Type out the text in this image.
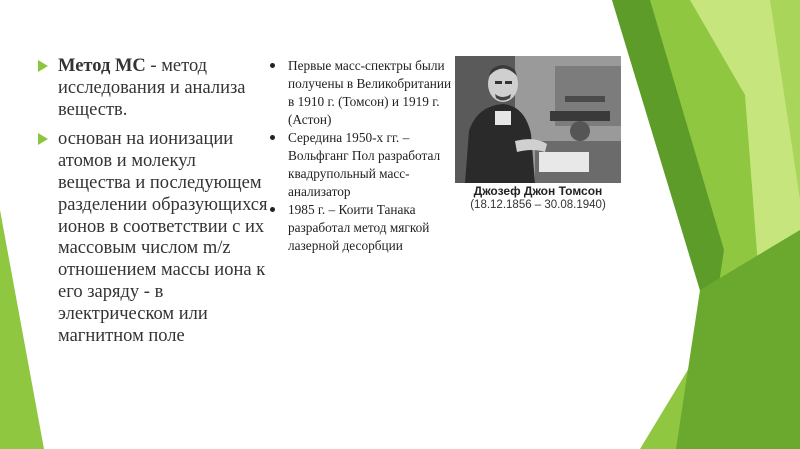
Метод МС - метод исследования и анализа веществ.
основан на ионизации атомов и молекул вещества и последующем разделении образующихся ионов в соответствии с их массовым числом m/z отношением массы иона к его заряду - в электрическом или магнитном поле
Первые масс-спектры были получены в Великобритании в 1910 г. (Томсон) и 1919 г. (Астон)
Середина 1950-х гг. – Вольфганг Пол разработал квадрупольный масс-анализатор
1985 г. – Коити Танака разработал метод мягкой лазерной десорбции
Джозеф Джон Томсон
(18.12.1856 – 30.08.1940)
